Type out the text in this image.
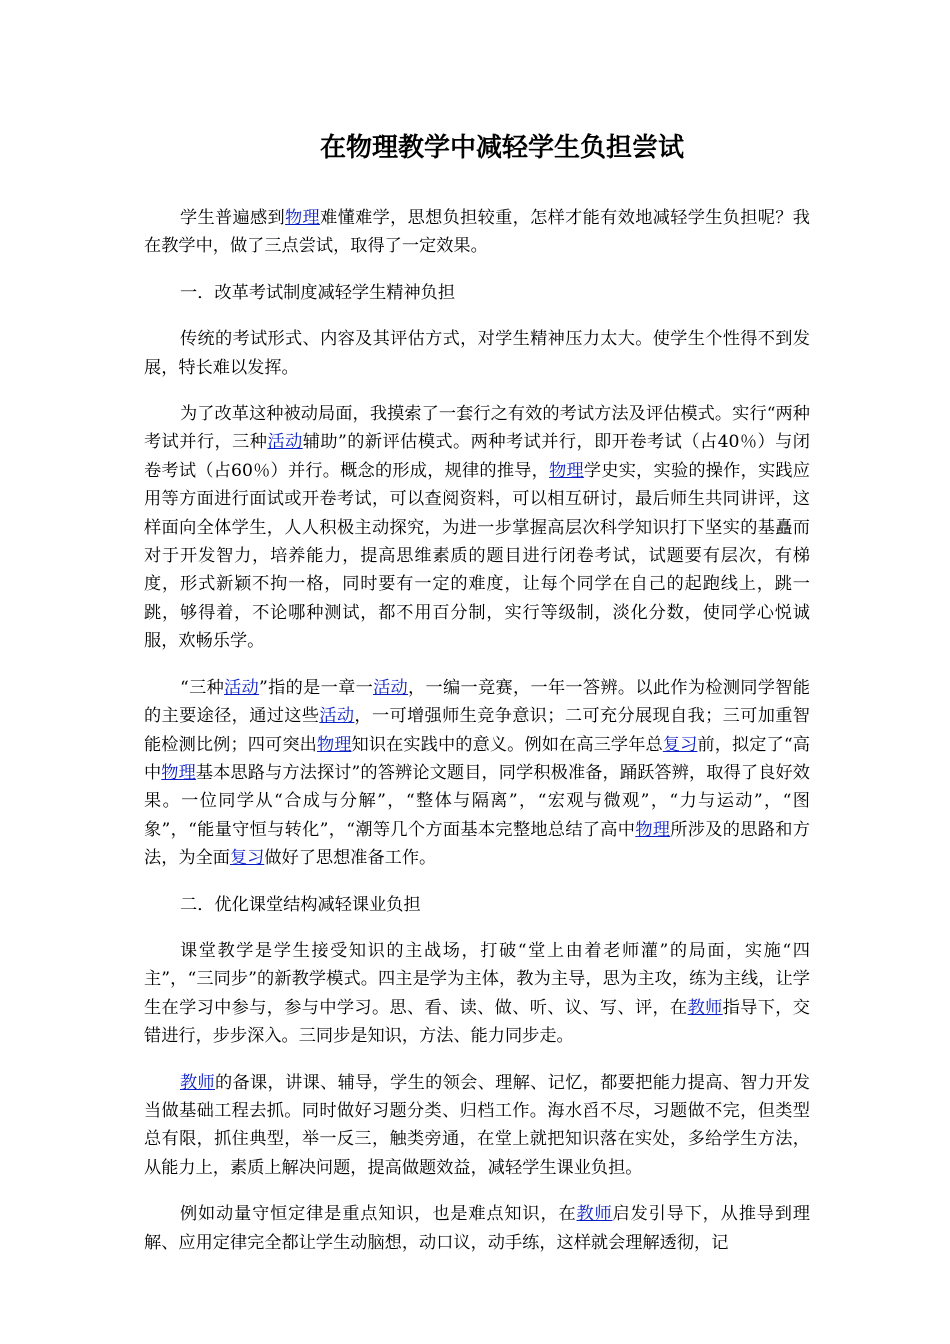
在物理教学中减轻学生负担尝试

学生普遍感到物理难懂难学，思想负担较重，怎样才能有效地减轻学生负担呢？我在教学中，做了三点尝试，取得了一定效果。

一．改革考试制度减轻学生精神负担

传统的考试形式、内容及其评估方式，对学生精神压力太大。使学生个性得不到发展，特长难以发挥。

为了改革这种被动局面，我摸索了一套行之有效的考试方法及评估模式。实行“两种考试并行，三种活动辅助”的新评估模式。两种考试并行，即开卷考试（占40％）与闭卷考试（占60％）并行。概念的形成，规律的推导，物理学史实，实验的操作，实践应用等方面进行面试或开卷考试，可以查阅资料，可以相互研讨，最后师生共同讲评，这样面向全体学生，人人积极主动探究，为进一步掌握高层次科学知识打下坚实的基矗而对于开发智力，培养能力，提高思维素质的题目进行闭卷考试，试题要有层次，有梯度，形式新颖不拘一格，同时要有一定的难度，让每个同学在自己的起跑线上，跳一跳，够得着，不论哪种测试，都不用百分制，实行等级制，淡化分数，使同学心悦诚服，欢畅乐学。

“三种活动”指的是一章一活动，一编一竞赛，一年一答辨。以此作为检测同学智能的主要途径，通过这些活动，一可增强师生竞争意识；二可充分展现自我；三可加重智能检测比例；四可突出物理知识在实践中的意义。例如在高三学年总复习前，拟定了“高中物理基本思路与方法探讨”的答辨论文题目，同学积极准备，踊跃答辨，取得了良好效果。一位同学从“合成与分解”，“整体与隔离”，“宏观与微观”，“力与运动”，“图象”，“能量守恒与转化”，“潮等几个方面基本完整地总结了高中物理所涉及的思路和方法，为全面复习做好了思想准备工作。

二．优化课堂结构减轻课业负担

课堂教学是学生接受知识的主战场，打破“堂上由着老师灌”的局面，实施“四主”，“三同步”的新教学模式。四主是学为主体，教为主导，思为主攻，练为主线，让学生在学习中参与，参与中学习。思、看、读、做、听、议、写、评，在教师指导下，交错进行，步步深入。三同步是知识，方法、能力同步走。

教师的备课，讲课、辅导，学生的领会、理解、记忆，都要把能力提高、智力开发当做基础工程去抓。同时做好习题分类、归档工作。海水舀不尽，习题做不完，但类型总有限，抓住典型，举一反三，触类旁通，在堂上就把知识落在实处，多给学生方法，从能力上，素质上解决问题，提高做题效益，减轻学生课业负担。

例如动量守恒定律是重点知识，也是难点知识，在教师启发引导下，从推导到理解、应用定律完全都让学生动脑想，动口议，动手练，这样就会理解透彻，记
